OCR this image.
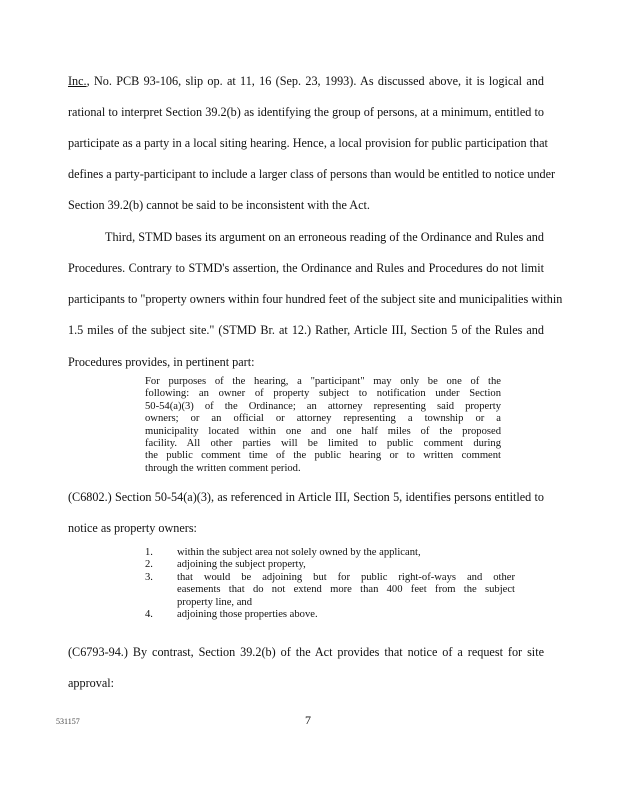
Inc., No. PCB 93-106, slip op. at 11, 16 (Sep. 23, 1993). As discussed above, it is logical and
rational to interpret Section 39.2(b) as identifying the group of persons, at a minimum, entitled to
participate as a party in a local siting hearing. Hence, a local provision for public participation that
defines a party-participant to include a larger class of persons than would be entitled to notice under
Section 39.2(b) cannot be said to be inconsistent with the Act.
Third, STMD bases its argument on an erroneous reading of the Ordinance and Rules and
Procedures. Contrary to STMD's assertion, the Ordinance and Rules and Procedures do not limit
participants to "property owners within four hundred feet of the subject site and municipalities within
1.5 miles of the subject site." (STMD Br. at 12.) Rather, Article III, Section 5 of the Rules and
Procedures provides, in pertinent part:
For purposes of the hearing, a "participant" may only be one of the
following: an owner of property subject to notification under Section
50-54(a)(3) of the Ordinance; an attorney representing said property
owners; or an official or attorney representing a township or a
municipality located within one and one half miles of the proposed
facility. All other parties will be limited to public comment during
the public comment time of the public hearing or to written comment
through the written comment period.
(C6802.) Section 50-54(a)(3), as referenced in Article III, Section 5, identifies persons entitled to
notice as property owners:
1.	within the subject area not solely owned by the applicant,
2.	adjoining the subject property,
3.	that would be adjoining but for public right-of-ways and other
easements that do not extend more than 400 feet from the subject
property line, and
4.	adjoining those properties above.
(C6793-94.) By contrast, Section 39.2(b) of the Act provides that notice of a request for site
approval:
531157	7
